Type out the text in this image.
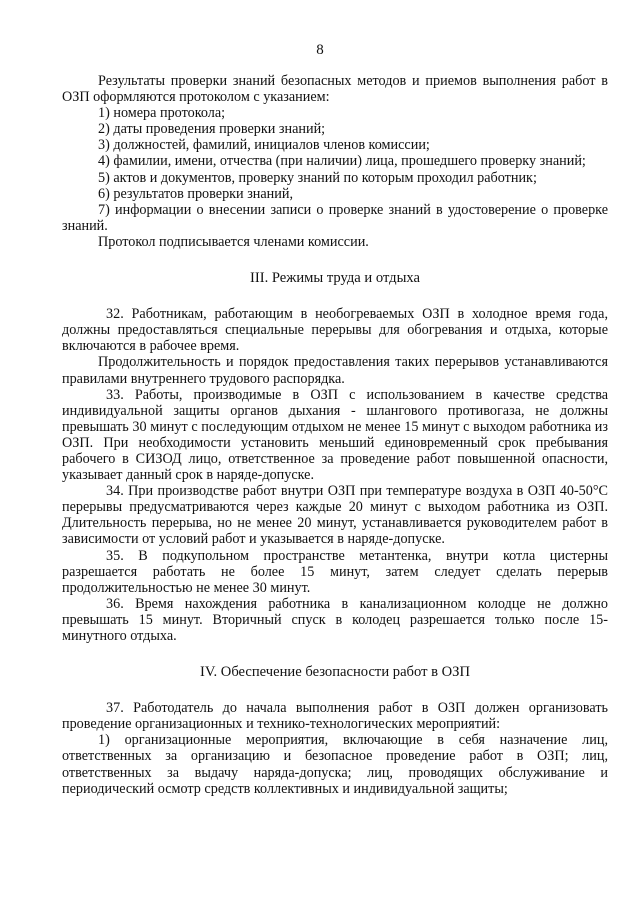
8

Результаты проверки знаний безопасных методов и приемов выполнения работ в ОЗП оформляются протоколом с указанием:

1) номера протокола;

2) даты проведения проверки знаний;

3) должностей, фамилий, инициалов членов комиссии;

4) фамилии, имени, отчества (при наличии) лица, прошедшего проверку знаний;

5) актов и документов, проверку знаний по которым проходил работник;

6) результатов проверки знаний,

7) информации о внесении записи о проверке знаний в удостоверение о проверке знаний.

Протокол подписывается членами комиссии.

III. Режимы труда и отдыха

32. Работникам, работающим в необогреваемых ОЗП в холодное время года, должны предоставляться специальные перерывы для обогревания и отдыха, которые включаются в рабочее время.

Продолжительность и порядок предоставления таких перерывов устанавливаются правилами внутреннего трудового распорядка.

33. Работы, производимые в ОЗП с использованием в качестве средства индивидуальной защиты органов дыхания - шлангового противогаза, не должны превышать 30 минут с последующим отдыхом не менее 15 минут с выходом работника из ОЗП. При необходимости установить меньший единовременный срок пребывания рабочего в СИЗОД лицо, ответственное за проведение работ повышенной опасности, указывает данный срок в наряде-допуске.

34. При производстве работ внутри ОЗП при температуре воздуха в ОЗП 40-50°С перерывы предусматриваются через каждые 20 минут с выходом работника из ОЗП. Длительность перерыва, но не менее 20 минут, устанавливается руководителем работ в зависимости от условий работ и указывается в наряде-допуске.

35. В подкупольном пространстве метантенка, внутри котла цистерны разрешается работать не более 15 минут, затем следует сделать перерыв продолжительностью не менее 30 минут.

36. Время нахождения работника в канализационном колодце не должно превышать 15 минут. Вторичный спуск в колодец разрешается только после 15-минутного отдыха.

IV. Обеспечение безопасности работ в ОЗП

37. Работодатель до начала выполнения работ в ОЗП должен организовать проведение организационных и технико-технологических мероприятий:

1) организационные мероприятия, включающие в себя назначение лиц, ответственных за организацию и безопасное проведение работ в ОЗП; лиц, ответственных за выдачу наряда-допуска; лиц, проводящих обслуживание и периодический осмотр средств коллективных и индивидуальной защиты;
